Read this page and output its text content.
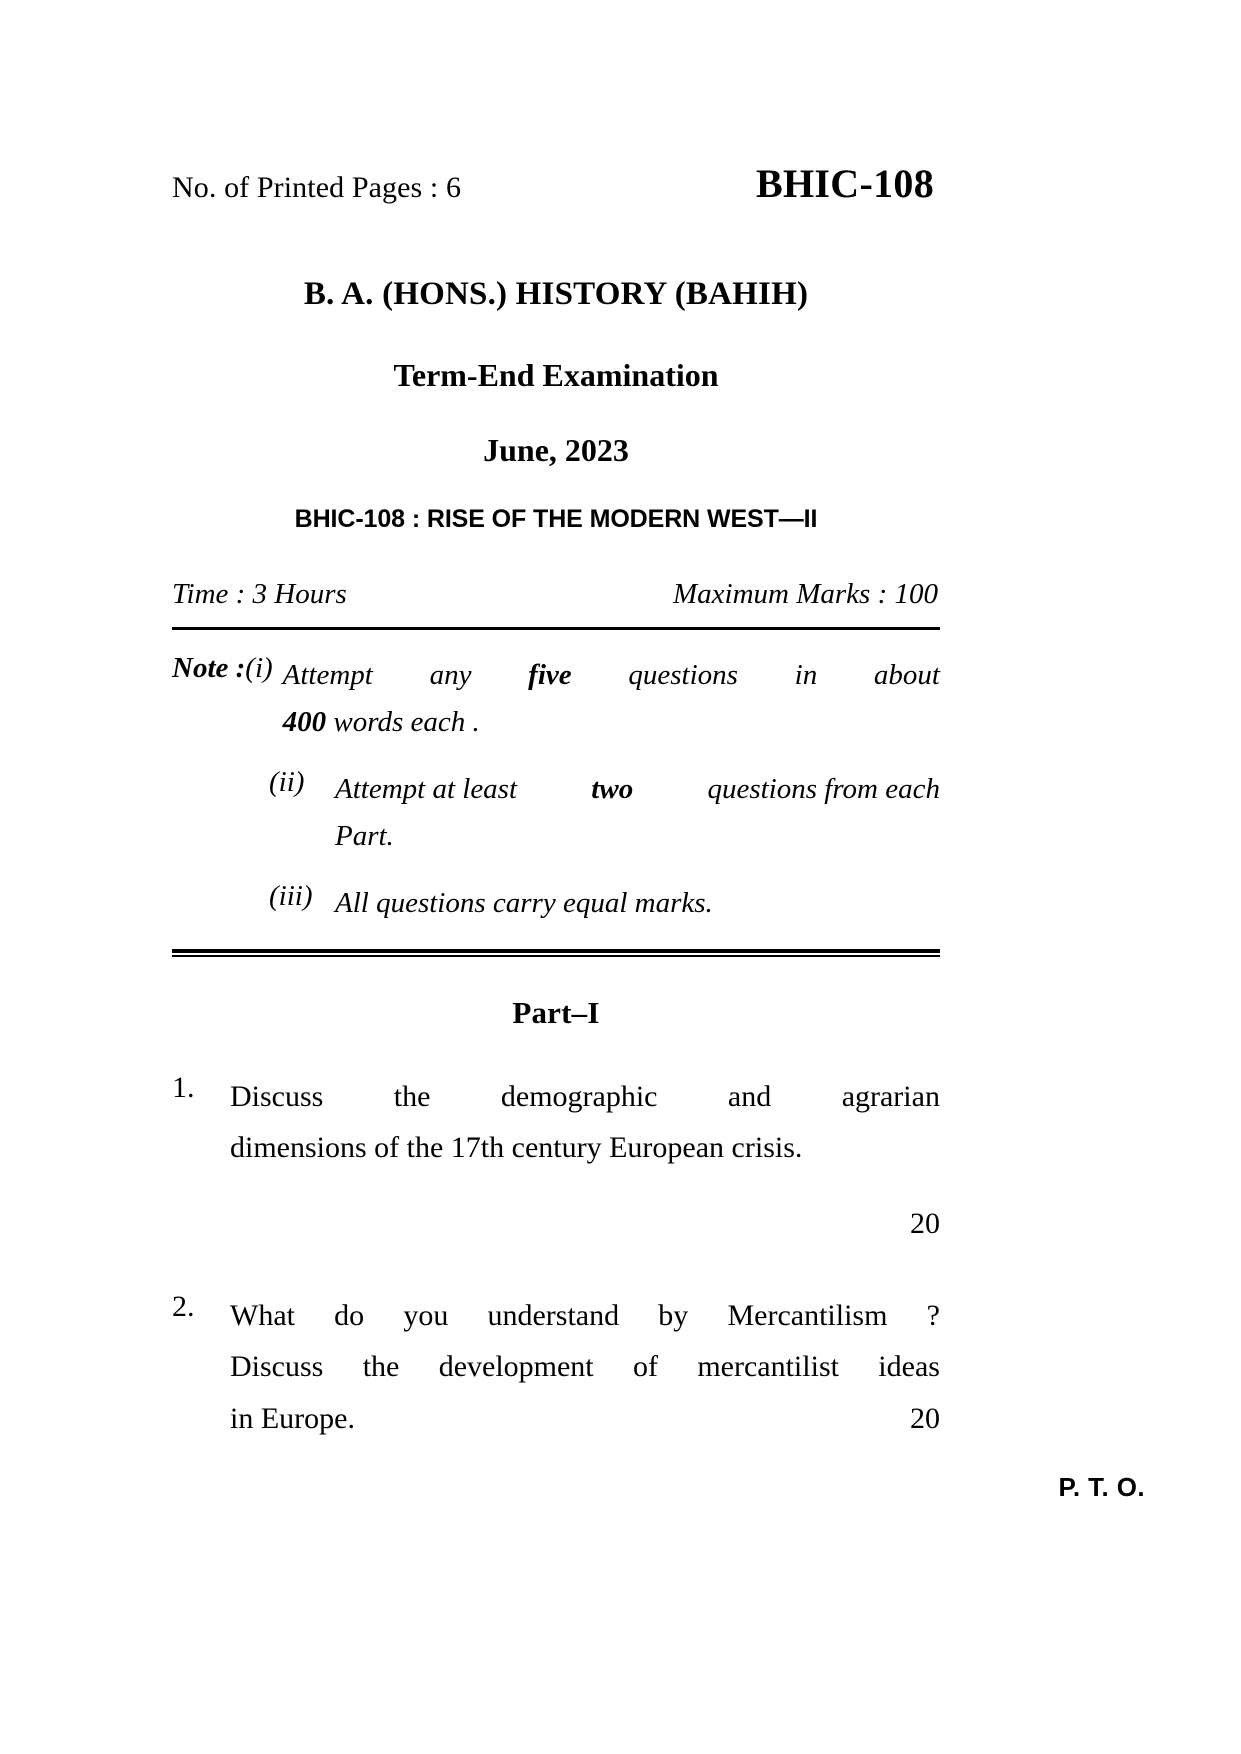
No. of Printed Pages : 6	BHIC-108
B. A. (HONS.) HISTORY (BAHIH)
Term-End Examination
June, 2023
BHIC-108 : RISE OF THE MODERN WEST—II
Time : 3 Hours	Maximum Marks : 100
Note : (i) Attempt any five questions in about
400 words each .
(ii)	Attempt at least	two	questions from each
Part.
(iii) All questions carry equal marks.
Part–I
1.	Discuss the demographic and agrarian
dimensions of the 17th century European crisis.
20
2.	What do you understand by Mercantilism ?
Discuss the development of mercantilist ideas
in Europe.	20
P. T. O.
